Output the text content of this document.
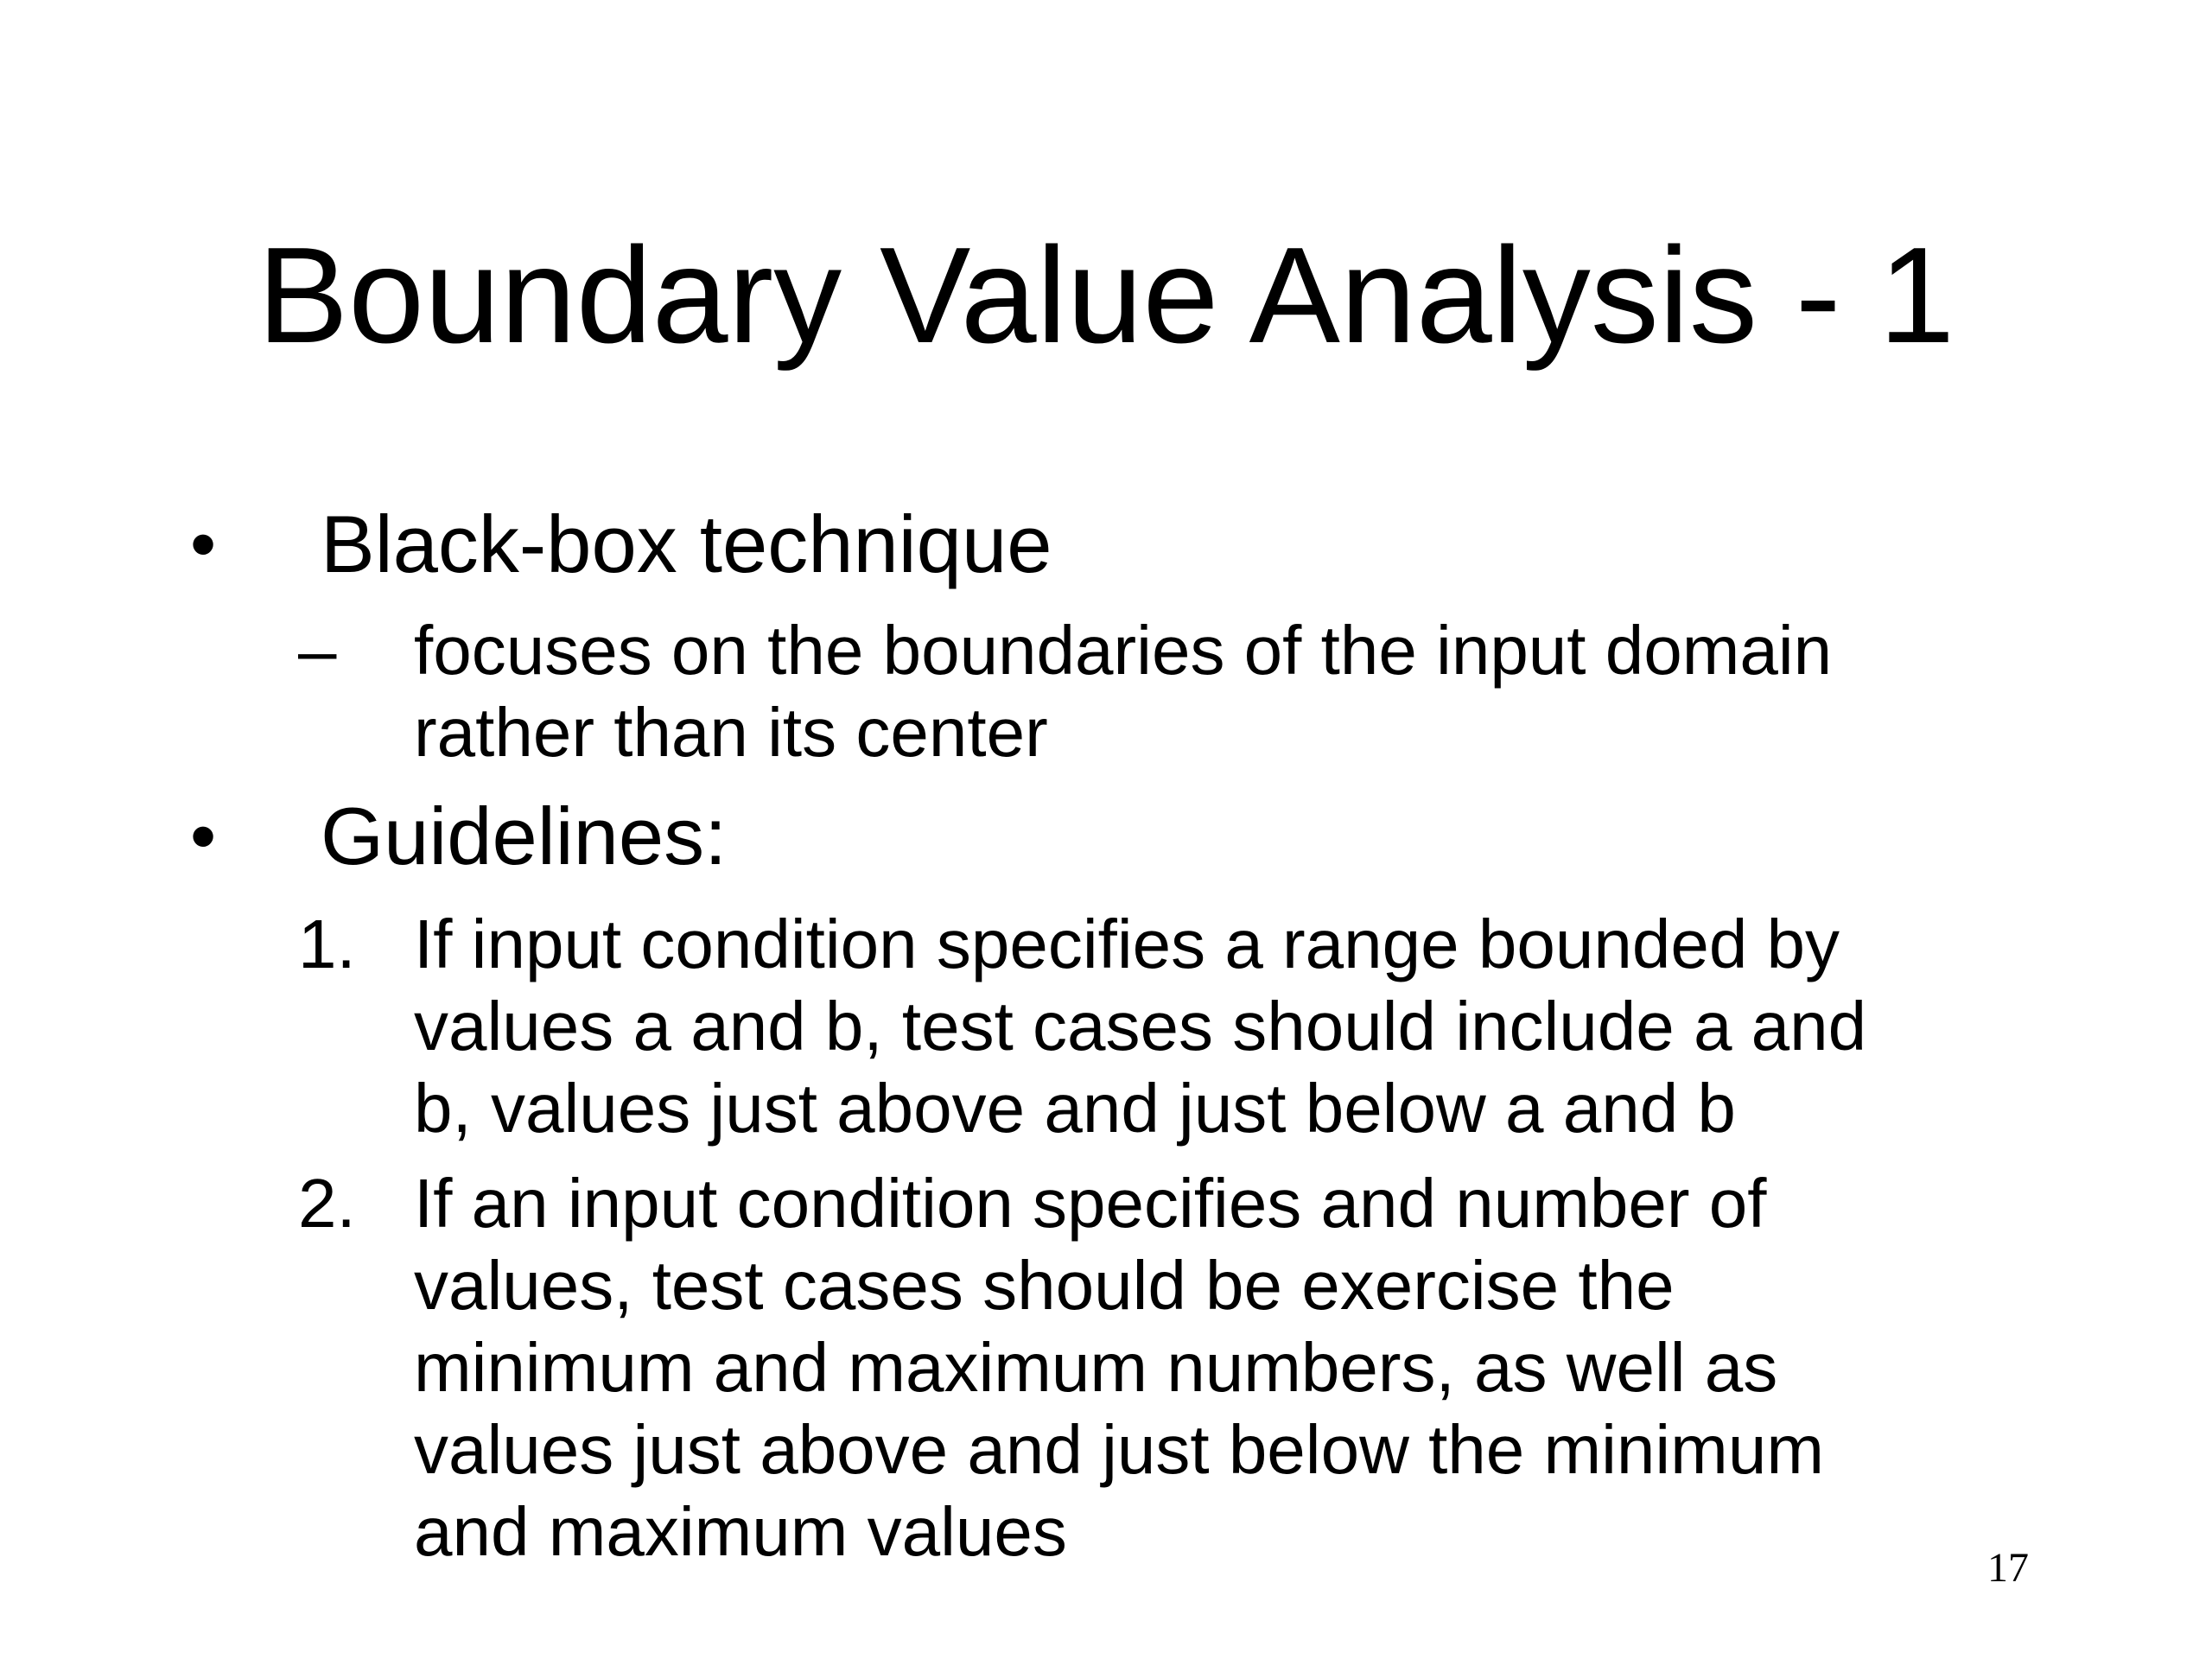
Boundary Value Analysis - 1
• Black-box technique
– focuses on the boundaries of the input domain
rather than its center
• Guidelines:
1. If input condition specifies a range bounded by
values a and b, test cases should include a and
b, values just above and just below a and b
2. If an input condition specifies and number of
values, test cases should be exercise the
minimum and maximum numbers, as well as
values just above and just below the minimum
and maximum values	17
